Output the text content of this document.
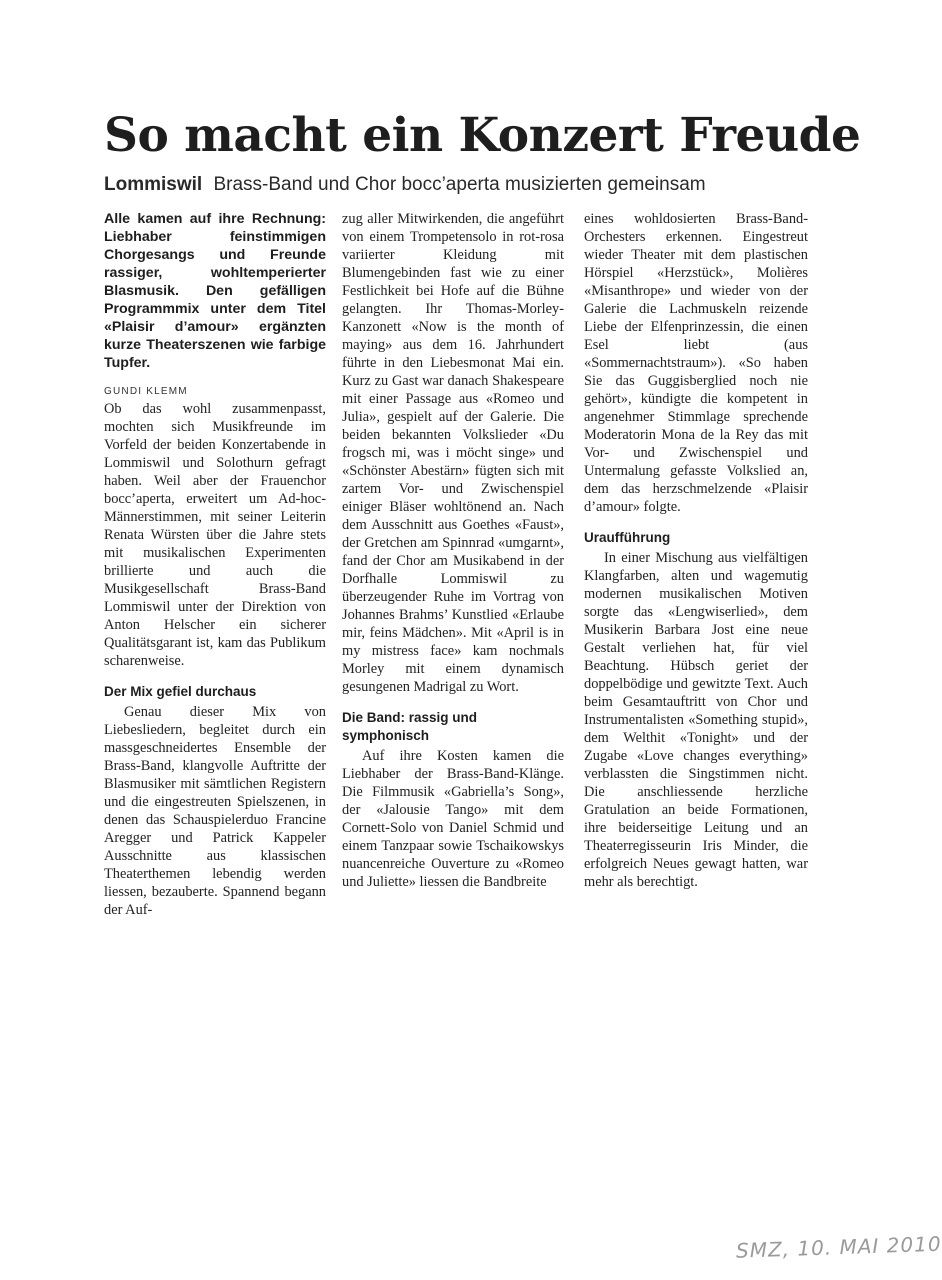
So macht ein Konzert Freude
Lommiswil Brass-Band und Chor bocc’aperta musizierten gemeinsam

Alle kamen auf ihre Rechnung: Liebhaber feinstimmigen Chorgesangs und Freunde rassiger, wohltemperierter Blasmusik. Den gefälligen Programmmix unter dem Titel «Plaisir d’amour» ergänzten kurze Theaterszenen wie farbige Tupfer.

GUNDI KLEMM

Ob das wohl zusammenpasst, mochten sich Musikfreunde im Vorfeld der beiden Konzertabende in Lommiswil und Solothurn gefragt haben. Weil aber der Frauenchor bocc’aperta, erweitert um Ad-hoc-Männerstimmen, mit seiner Leiterin Renata Würsten über die Jahre stets mit musikalischen Experimenten brillierte und auch die Musikgesellschaft Brass-Band Lommiswil unter der Direktion von Anton Helscher ein sicherer Qualitätsgarant ist, kam das Publikum scharenweise.

Der Mix gefiel durchaus

Genau dieser Mix von Liebesliedern, begleitet durch ein massgeschneidertes Ensemble der Brass-Band, klangvolle Auftritte der Blasmusiker mit sämtlichen Registern und die eingestreuten Spielszenen, in denen das Schauspielerduo Francine Aregger und Patrick Kappeler Ausschnitte aus klassischen Theaterthemen lebendig werden liessen, bezauberte. Spannend begann der Auf-

zug aller Mitwirkenden, die angeführt von einem Trompetensolo in rot-rosa variierter Kleidung mit Blumengebinden fast wie zu einer Festlichkeit bei Hofe auf die Bühne gelangten. Ihr Thomas-Morley-Kanzonett «Now is the month of maying» aus dem 16. Jahrhundert führte in den Liebesmonat Mai ein. Kurz zu Gast war danach Shakespeare mit einer Passage aus «Romeo und Julia», gespielt auf der Galerie. Die beiden bekannten Volkslieder «Du frogsch mi, was i möcht singe» und «Schönster Abestärn» fügten sich mit zartem Vor- und Zwischenspiel einiger Bläser wohltönend an. Nach dem Ausschnitt aus Goethes «Faust», der Gretchen am Spinnrad «umgarnt», fand der Chor am Musikabend in der Dorfhalle Lommiswil zu überzeugender Ruhe im Vortrag von Johannes Brahms’ Kunstlied «Erlaube mir, feins Mädchen». Mit «April is in my mistress face» kam nochmals Morley mit einem dynamisch gesungenen Madrigal zu Wort.

Die Band: rassig und symphonisch

Auf ihre Kosten kamen die Liebhaber der Brass-Band-Klänge. Die Filmmusik «Gabriella’s Song», der «Jalousie Tango» mit dem Cornett-Solo von Daniel Schmid und einem Tanzpaar sowie Tschaikowskys nuancenreiche Ouverture zu «Romeo und Juliette» liessen die Bandbreite

eines wohldosierten Brass-Band-Orchesters erkennen. Eingestreut wieder Theater mit dem plastischen Hörspiel «Herzstück», Molières «Misanthrope» und wieder von der Galerie die Lachmuskeln reizende Liebe der Elfenprinzessin, die einen Esel liebt (aus «Sommernachtstraum»). «So haben Sie das Guggisberglied noch nie gehört», kündigte die kompetent in angenehmer Stimmlage sprechende Moderatorin Mona de la Rey das mit Vor- und Zwischenspiel und Untermalung gefasste Volkslied an, dem das herzschmelzende «Plaisir d’amour» folgte.

Uraufführung

In einer Mischung aus vielfältigen Klangfarben, alten und wagemutig modernen musikalischen Motiven sorgte das «Lengwiserlied», dem Musikerin Barbara Jost eine neue Gestalt verliehen hat, für viel Beachtung. Hübsch geriet der doppelbödige und gewitzte Text. Auch beim Gesamtauftritt von Chor und Instrumentalisten «Something stupid», dem Welthit «Tonight» und der Zugabe «Love changes everything» verblassten die Singstimmen nicht. Die anschliessende herzliche Gratulation an beide Formationen, ihre beiderseitige Leitung und an Theaterregisseurin Iris Minder, die erfolgreich Neues gewagt hatten, war mehr als berechtigt.

SMZ, 10. MAI 2010
